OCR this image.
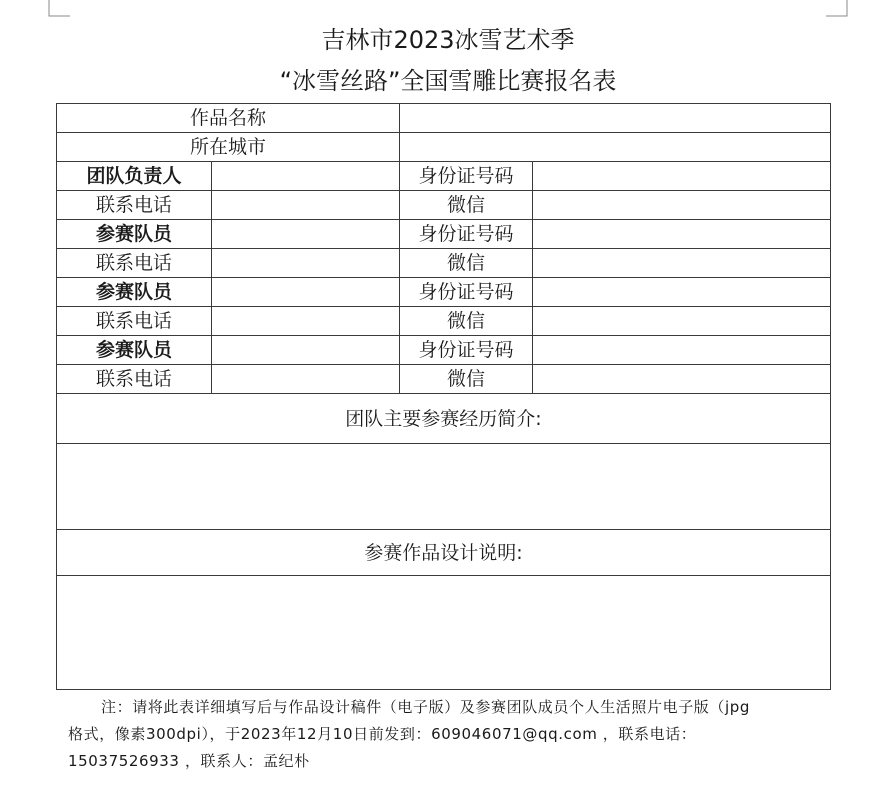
吉林市2023冰雪艺术季
“冰雪丝路”全国雪雕比赛报名表
作品名称			
所在城市			
团队负责人		身份证号码	
联系电话		微信	
参赛队员		身份证号码	
联系电话		微信	
参赛队员		身份证号码	
联系电话		微信	
参赛队员		身份证号码	
联系电话		微信	
团队主要参赛经历简介:			

参赛作品设计说明:			

注：请将此表详细填写后与作品设计稿件（电子版）及参赛团队成员个人生活照片电子版（jpg
格式，像素300dpi），于2023年12月10日前发到：609046071@qq.com ，联系电话：
15037526933 ，联系人：孟纪朴
